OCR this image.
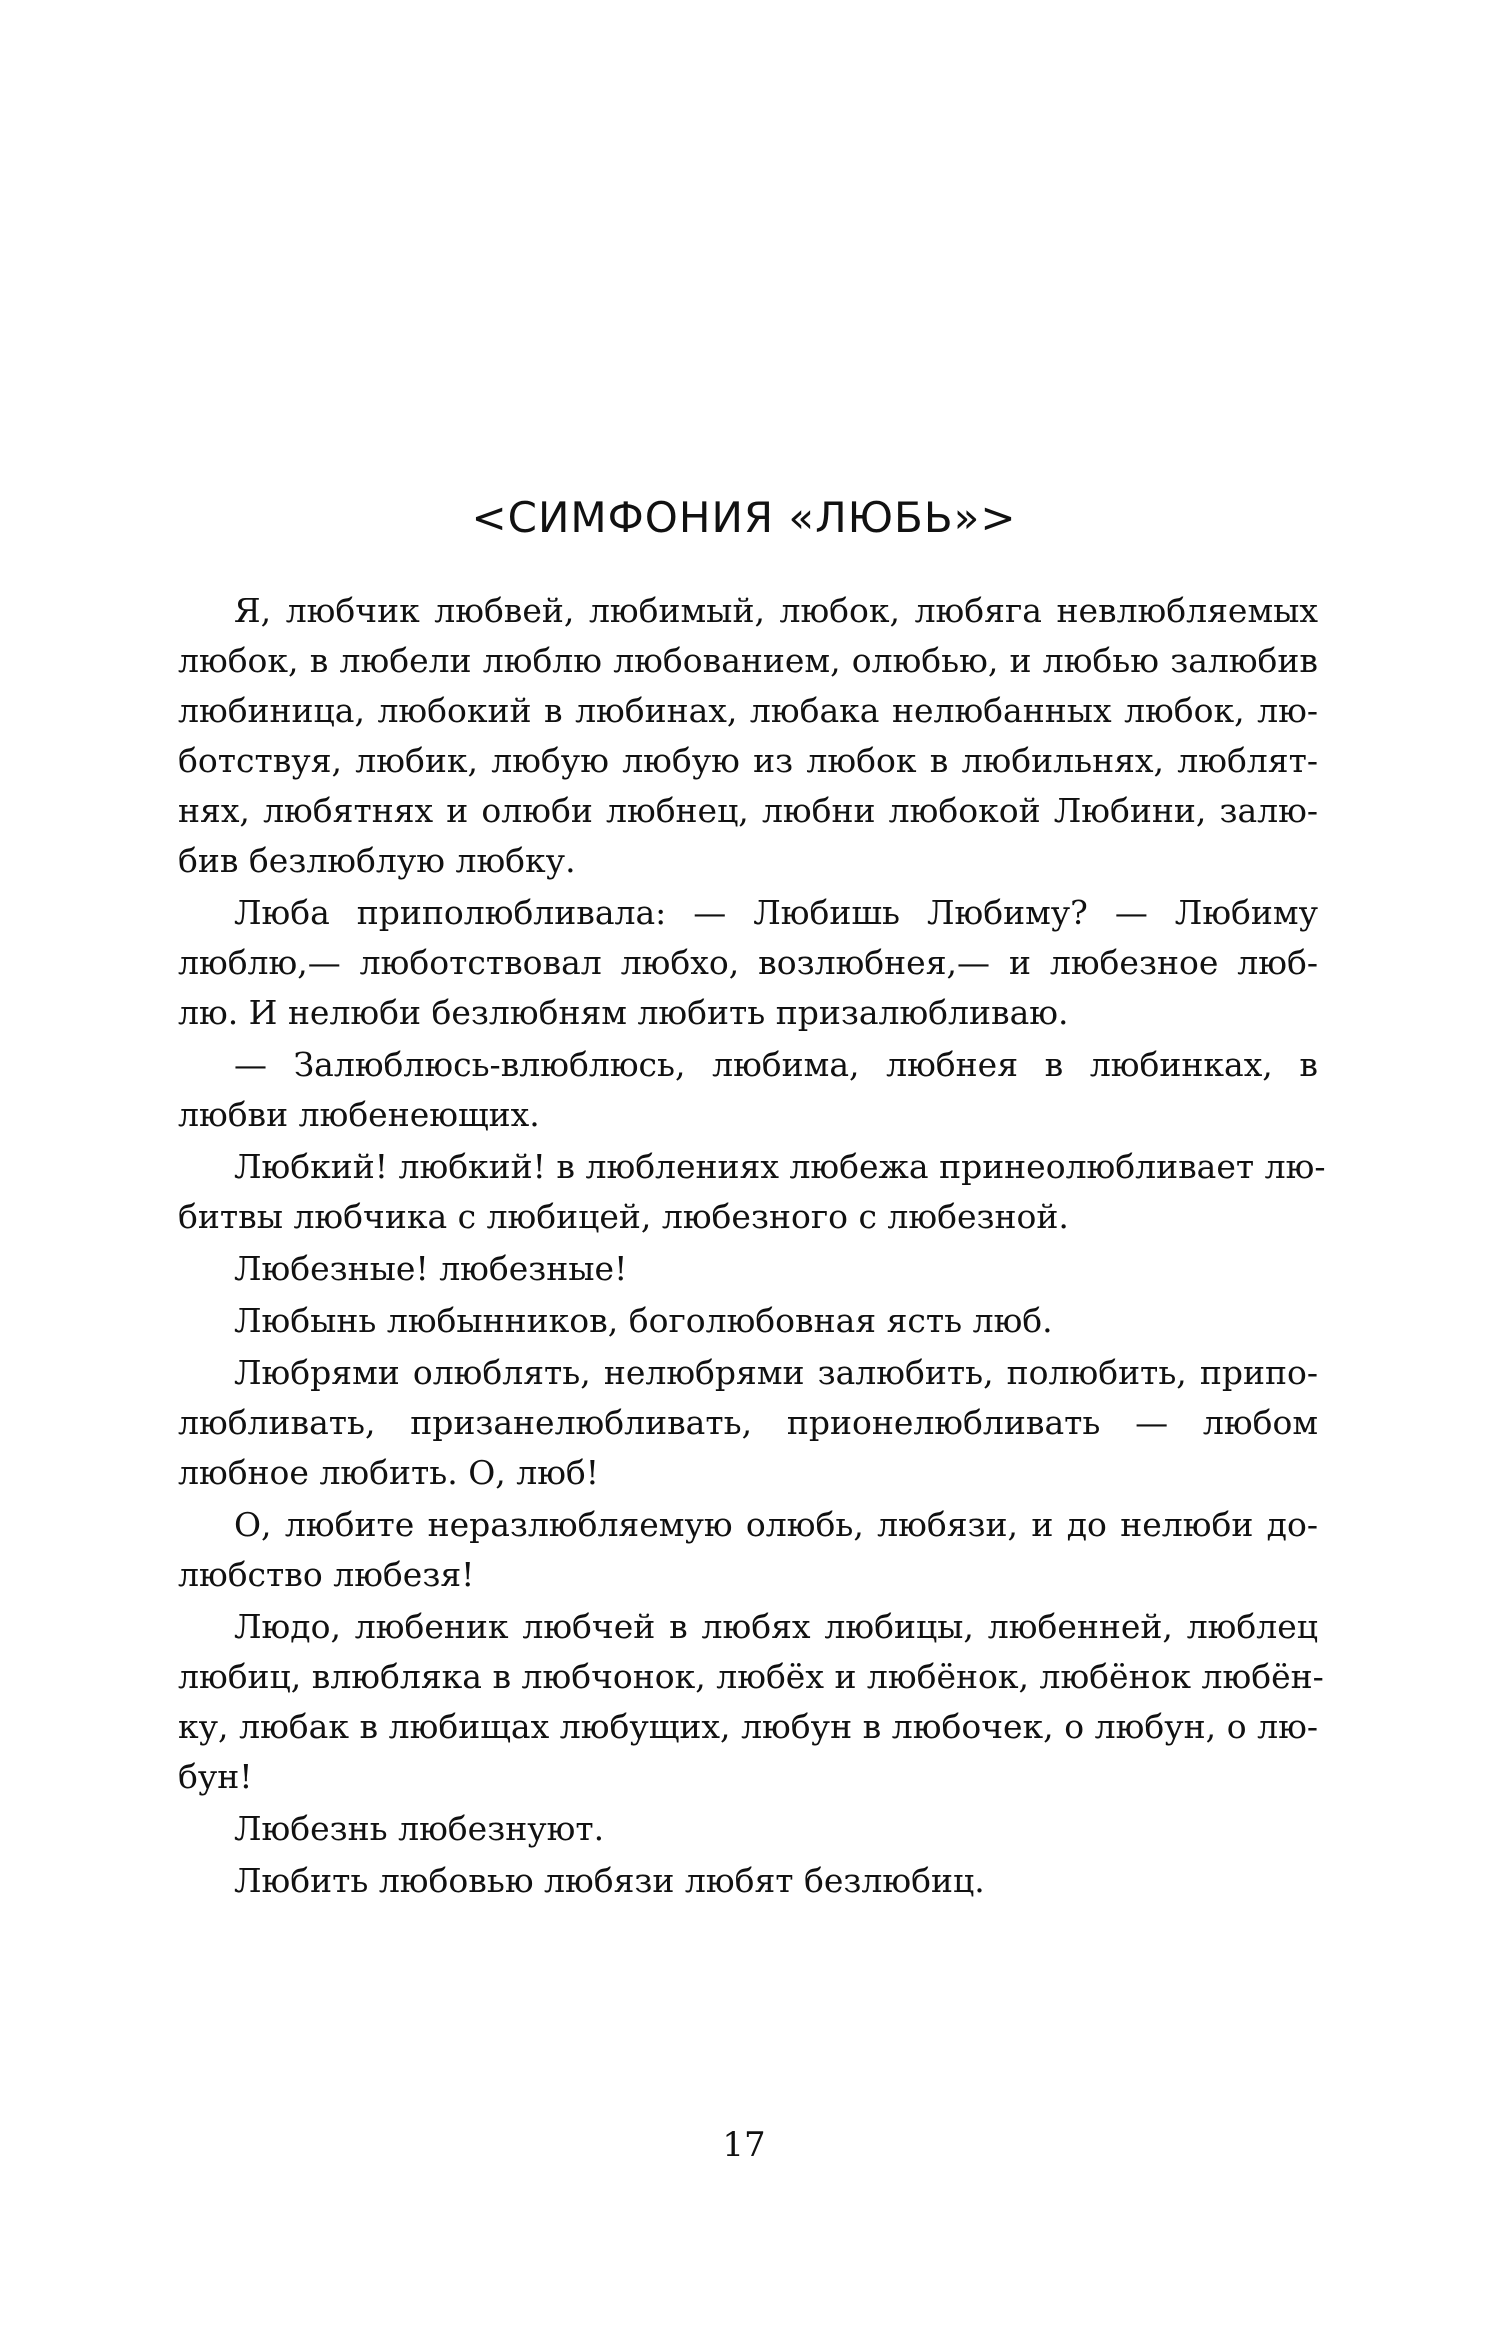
<СИМФОНИЯ «ЛЮБЬ»>
Я, любчик любвей, любимый, любок, любяга невлюбляемых
любок, в любели люблю любованием, олюбью, и любью залюбив
любиница, любокий в любинах, любака нелюбанных любок, лю-
ботствуя, любик, любую любую из любок в любильнях, люблят-
нях, любятнях и олюби любнец, любни любокой Любини, залю-
бив безлюблую любку.
Люба приполюбливала: — Любишь Любиму? — Любиму
люблю,— люботствовал любхо, возлюбнея,— и любезное люб-
лю. И нелюби безлюбням любить призалюбливаю.
— Залюблюсь-влюблюсь, любима, любнея в любинках, в
любви любенеющих.
Любкий! любкий! в люблениях любежа принеолюбливает лю-
битвы любчика с любицей, любезного с любезной.
Любезные! любезные!
Любынь любынников, боголюбовная ясть люб.
Любрями олюблять, нелюбрями залюбить, полюбить, припо-
любливать, призанелюбливать, прионелюбливать — любом
любное любить. О, люб!
О, любите неразлюбляемую олюбь, любязи, и до нелюби до-
любство любезя!
Людо, любеник любчей в любях любицы, любенней, люблец
любиц, влюбляка в любчонок, любёх и любёнок, любёнок любён-
ку, любак в любищах любущих, любун в любочек, о любун, о лю-
бун!
Любезнь любезнуют.
Любить любовью любязи любят безлюбиц.
17
